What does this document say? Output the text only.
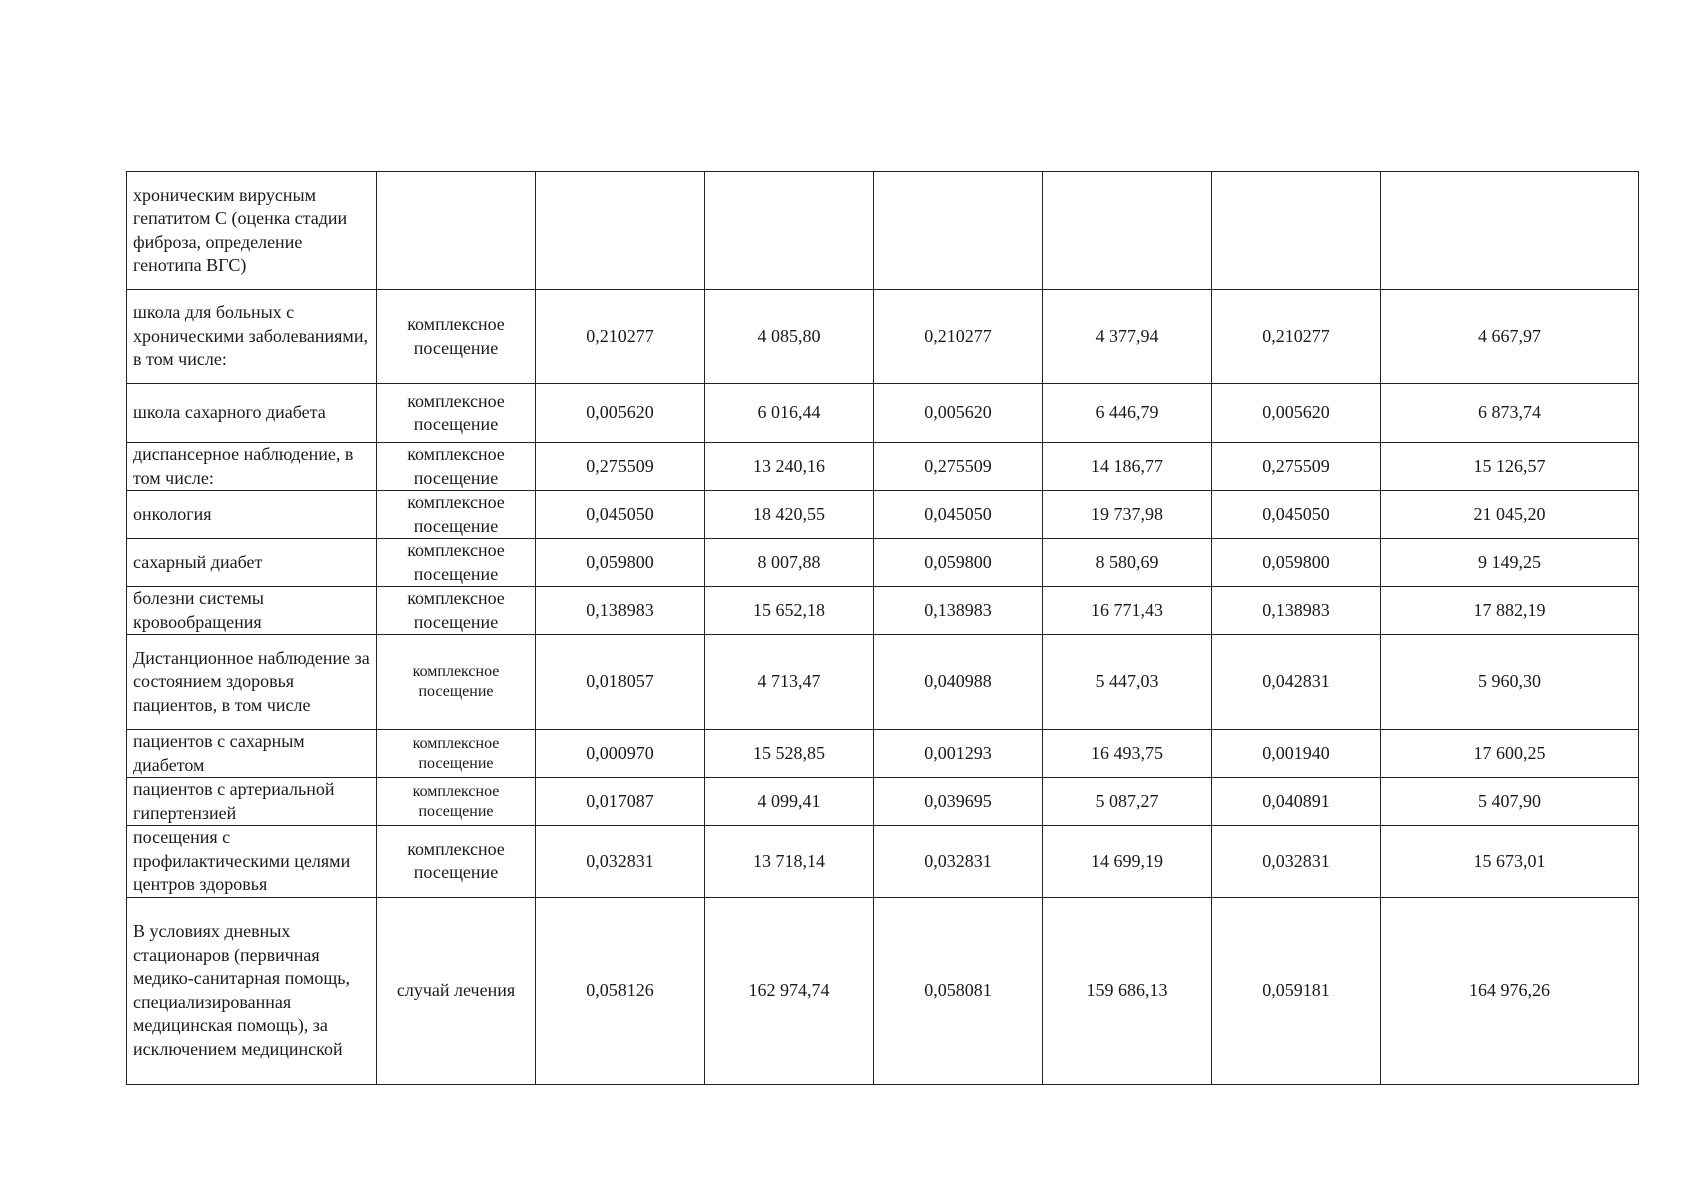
хроническим вирусным гепатитом С (оценка стадии фиброза, определение генотипа ВГС)							
школа для больных с хроническими заболеваниями, в том числе:	комплексное посещение	0,210277	4 085,80	0,210277	4 377,94	0,210277	4 667,97
школа сахарного диабета	комплексное посещение	0,005620	6 016,44	0,005620	6 446,79	0,005620	6 873,74
диспансерное наблюдение, в том числе:	комплексное посещение	0,275509	13 240,16	0,275509	14 186,77	0,275509	15 126,57
онкология	комплексное посещение	0,045050	18 420,55	0,045050	19 737,98	0,045050	21 045,20
сахарный диабет	комплексное посещение	0,059800	8 007,88	0,059800	8 580,69	0,059800	9 149,25
болезни системы кровообращения	комплексное посещение	0,138983	15 652,18	0,138983	16 771,43	0,138983	17 882,19
Дистанционное наблюдение за состоянием здоровья пациентов, в том числе	комплексное посещение	0,018057	4 713,47	0,040988	5 447,03	0,042831	5 960,30
пациентов с сахарным диабетом	комплексное посещение	0,000970	15 528,85	0,001293	16 493,75	0,001940	17 600,25
пациентов с артериальной гипертензией	комплексное посещение	0,017087	4 099,41	0,039695	5 087,27	0,040891	5 407,90
посещения с профилактическими целями центров здоровья	комплексное посещение	0,032831	13 718,14	0,032831	14 699,19	0,032831	15 673,01
В условиях дневных стационаров (первичная медико-санитарная помощь, специализированная медицинская помощь), за исключением медицинской	случай лечения	0,058126	162 974,74	0,058081	159 686,13	0,059181	164 976,26
